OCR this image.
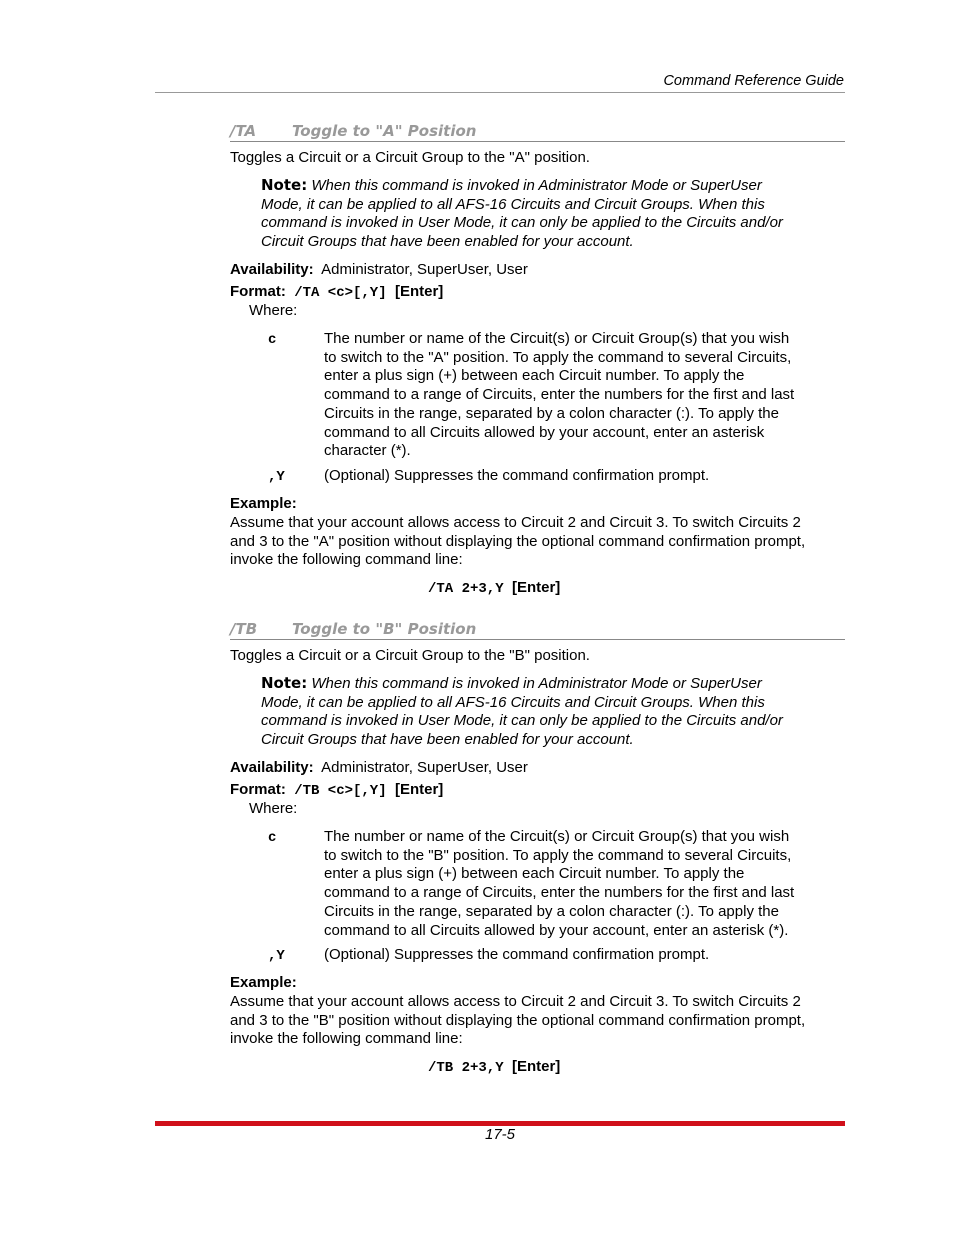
Command Reference Guide
/TA Toggle to "A" Position
Toggles a Circuit or a Circuit Group to the "A" position.
Note: When this command is invoked in Administrator Mode or SuperUser
Mode, it can be applied to all AFS-16 Circuits and Circuit Groups. When this
command is invoked in User Mode, it can only be applied to the Circuits and/or
Circuit Groups that have been enabled for your account.
Availability: Administrator, SuperUser, User
Format: /TA <c>[,Y] [Enter]
Where:
c	The number or name of the Circuit(s) or Circuit Group(s) that you wish
to switch to the "A" position. To apply the command to several Circuits,
enter a plus sign (+) between each Circuit number. To apply the
command to a range of Circuits, enter the numbers for the first and last
Circuits in the range, separated by a colon character (:). To apply the
command to all Circuits allowed by your account, enter an asterisk
character (*).
,Y	(Optional) Suppresses the command confirmation prompt.
Example:
Assume that your account allows access to Circuit 2 and Circuit 3. To switch Circuits 2
and 3 to the "A" position without displaying the optional command confirmation prompt,
invoke the following command line:
/TA 2+3,Y [Enter]
/TB Toggle to "B" Position
Toggles a Circuit or a Circuit Group to the "B" position.
Note: When this command is invoked in Administrator Mode or SuperUser
Mode, it can be applied to all AFS-16 Circuits and Circuit Groups. When this
command is invoked in User Mode, it can only be applied to the Circuits and/or
Circuit Groups that have been enabled for your account.
Availability: Administrator, SuperUser, User
Format: /TB <c>[,Y] [Enter]
Where:
c	The number or name of the Circuit(s) or Circuit Group(s) that you wish
to switch to the "B" position. To apply the command to several Circuits,
enter a plus sign (+) between each Circuit number. To apply the
command to a range of Circuits, enter the numbers for the first and last
Circuits in the range, separated by a colon character (:). To apply the
command to all Circuits allowed by your account, enter an asterisk (*).
,Y	(Optional) Suppresses the command confirmation prompt.
Example:
Assume that your account allows access to Circuit 2 and Circuit 3. To switch Circuits 2
and 3 to the "B" position without displaying the optional command confirmation prompt,
invoke the following command line:
/TB 2+3,Y [Enter]
17-5
